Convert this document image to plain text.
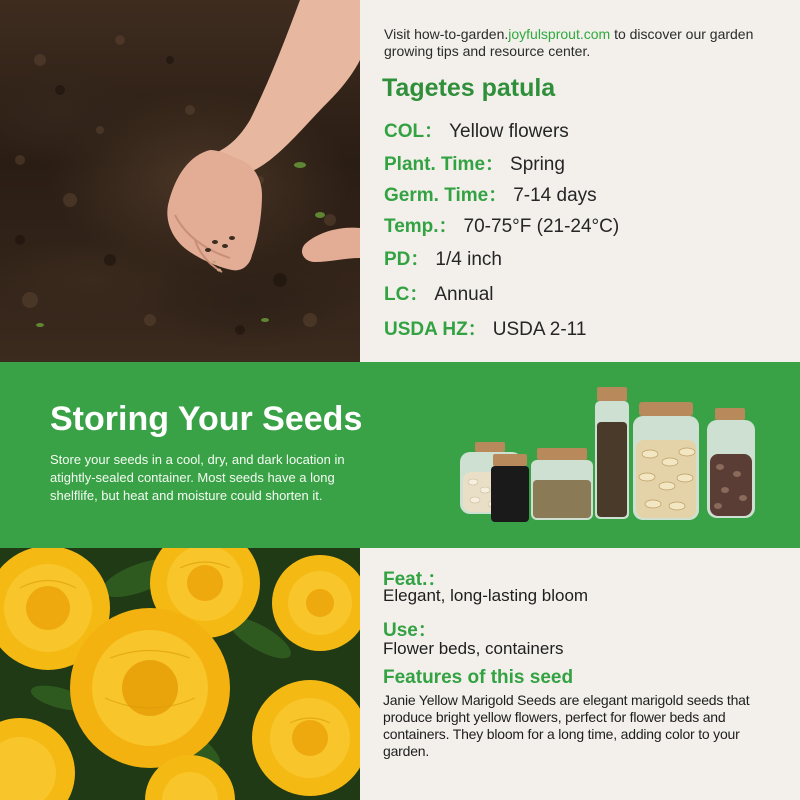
Visit how-to-garden.joyfulsprout.com to discover our garden growing tips and resource center.

Tagetes patula
COL： Yellow flowers
Plant. Time： Spring
Germ. Time： 7-14 days
Temp.： 70-75°F (21-24°C)
PD： 1/4 inch
LC： Annual
USDA HZ： USDA 2-11
Storing Your Seeds

Store your seeds in a cool, dry, and dark location in atightly-sealed container. Most seeds have a long shelflife, but heat and moisture could shorten it.

Feat.：
Elegant, long-lasting bloom
Use：
Flower beds, containers
Features of this seed

Janie Yellow Marigold Seeds are elegant marigold seeds that produce bright yellow flowers, perfect for flower beds and containers. They bloom for a long time, adding color to your garden.
